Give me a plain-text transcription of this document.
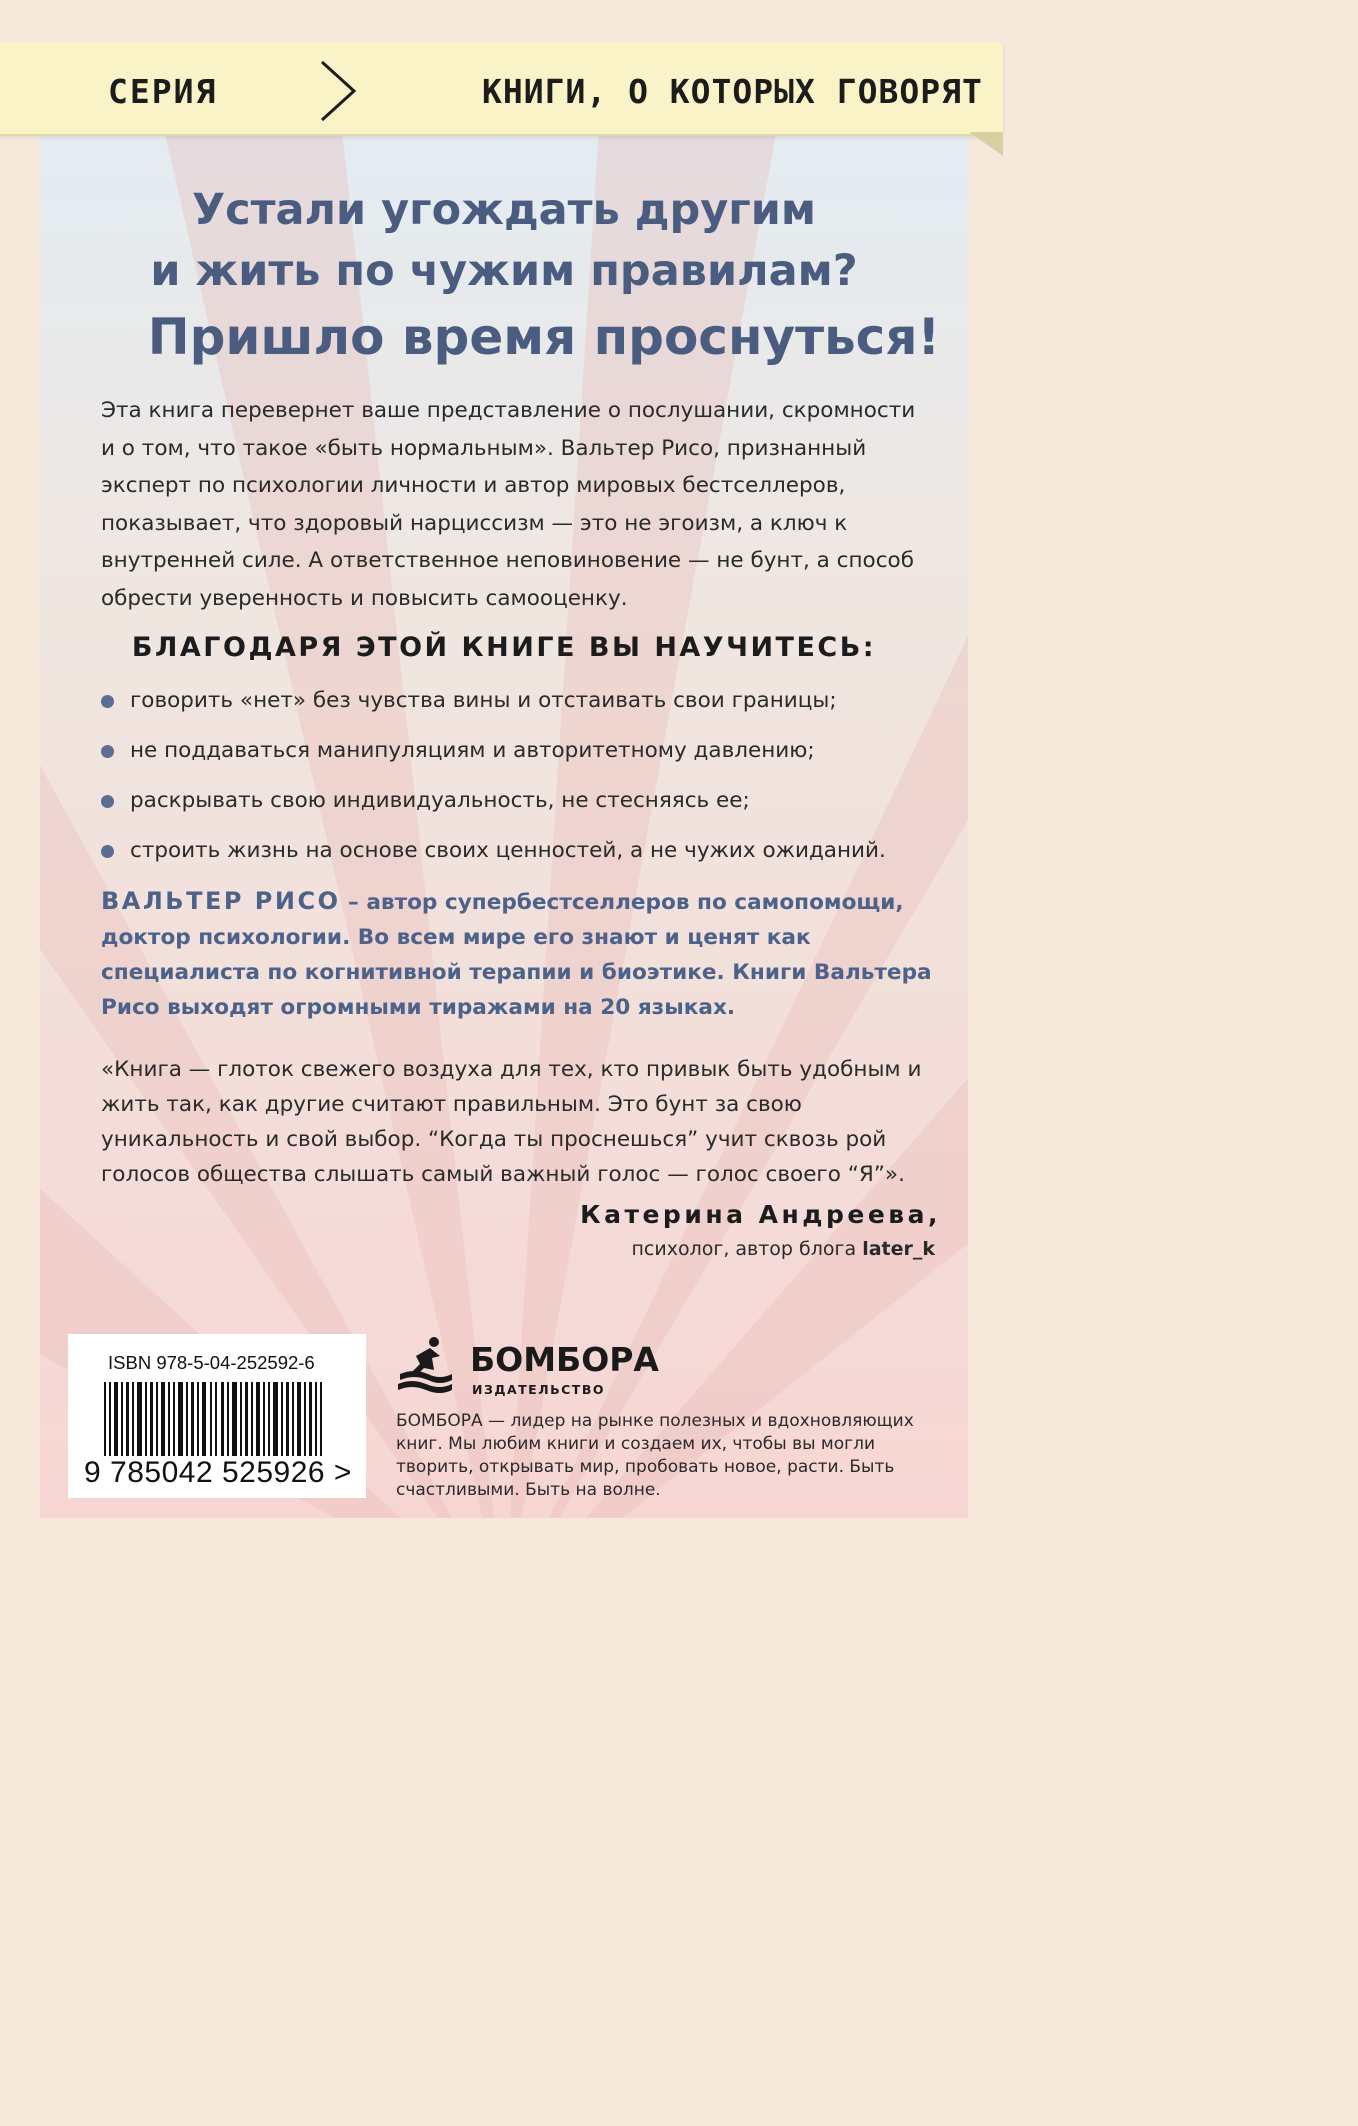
СЕРИЯ	КНИГИ, О КОТОРЫХ ГОВОРЯТ
Устали угождать другим
и жить по чужим правилам?
Пришло время проснуться!
Эта книга перевернет ваше представление о послушании, скромности и о том, что такое «быть нормальным». Вальтер Рисо, признанный эксперт по психологии личности и автор мировых бестселлеров, показывает, что здоровый нарциссизм — это не эгоизм, а ключ к внутренней силе. А ответственное неповиновение — не бунт, а способ обрести уверенность и повысить самооценку.
БЛАГОДАРЯ ЭТОЙ КНИГЕ ВЫ НАУЧИТЕСЬ:
говорить «нет» без чувства вины и отстаивать свои границы;
не поддаваться манипуляциям и авторитетному давлению;
раскрывать свою индивидуальность, не стесняясь ее;
строить жизнь на основе своих ценностей, а не чужих ожиданий.
ВАЛЬТЕР РИСО – автор супербестселлеров по самопомощи, доктор психологии. Во всем мире его знают и ценят как специалиста по когнитивной терапии и биоэтике. Книги Вальтера Рисо выходят огромными тиражами на 20 языках.
«Книга — глоток свежего воздуха для тех, кто привык быть удобным и жить так, как другие считают правильным. Это бунт за свою уникальность и свой выбор. “Когда ты проснешься” учит сквозь рой голосов общества слышать самый важный голос — голос своего “Я”».
Катерина Андреева,
психолог, автор блога later_k
ISBN 978-5-04-252592-6
9 785042 525926 >
БОМБОРА
ИЗДАТЕЛЬСТВО
БОМБОРА — лидер на рынке полезных и вдохновляющих книг. Мы любим книги и создаем их, чтобы вы могли творить, открывать мир, пробовать новое, расти. Быть счастливыми. Быть на волне.
